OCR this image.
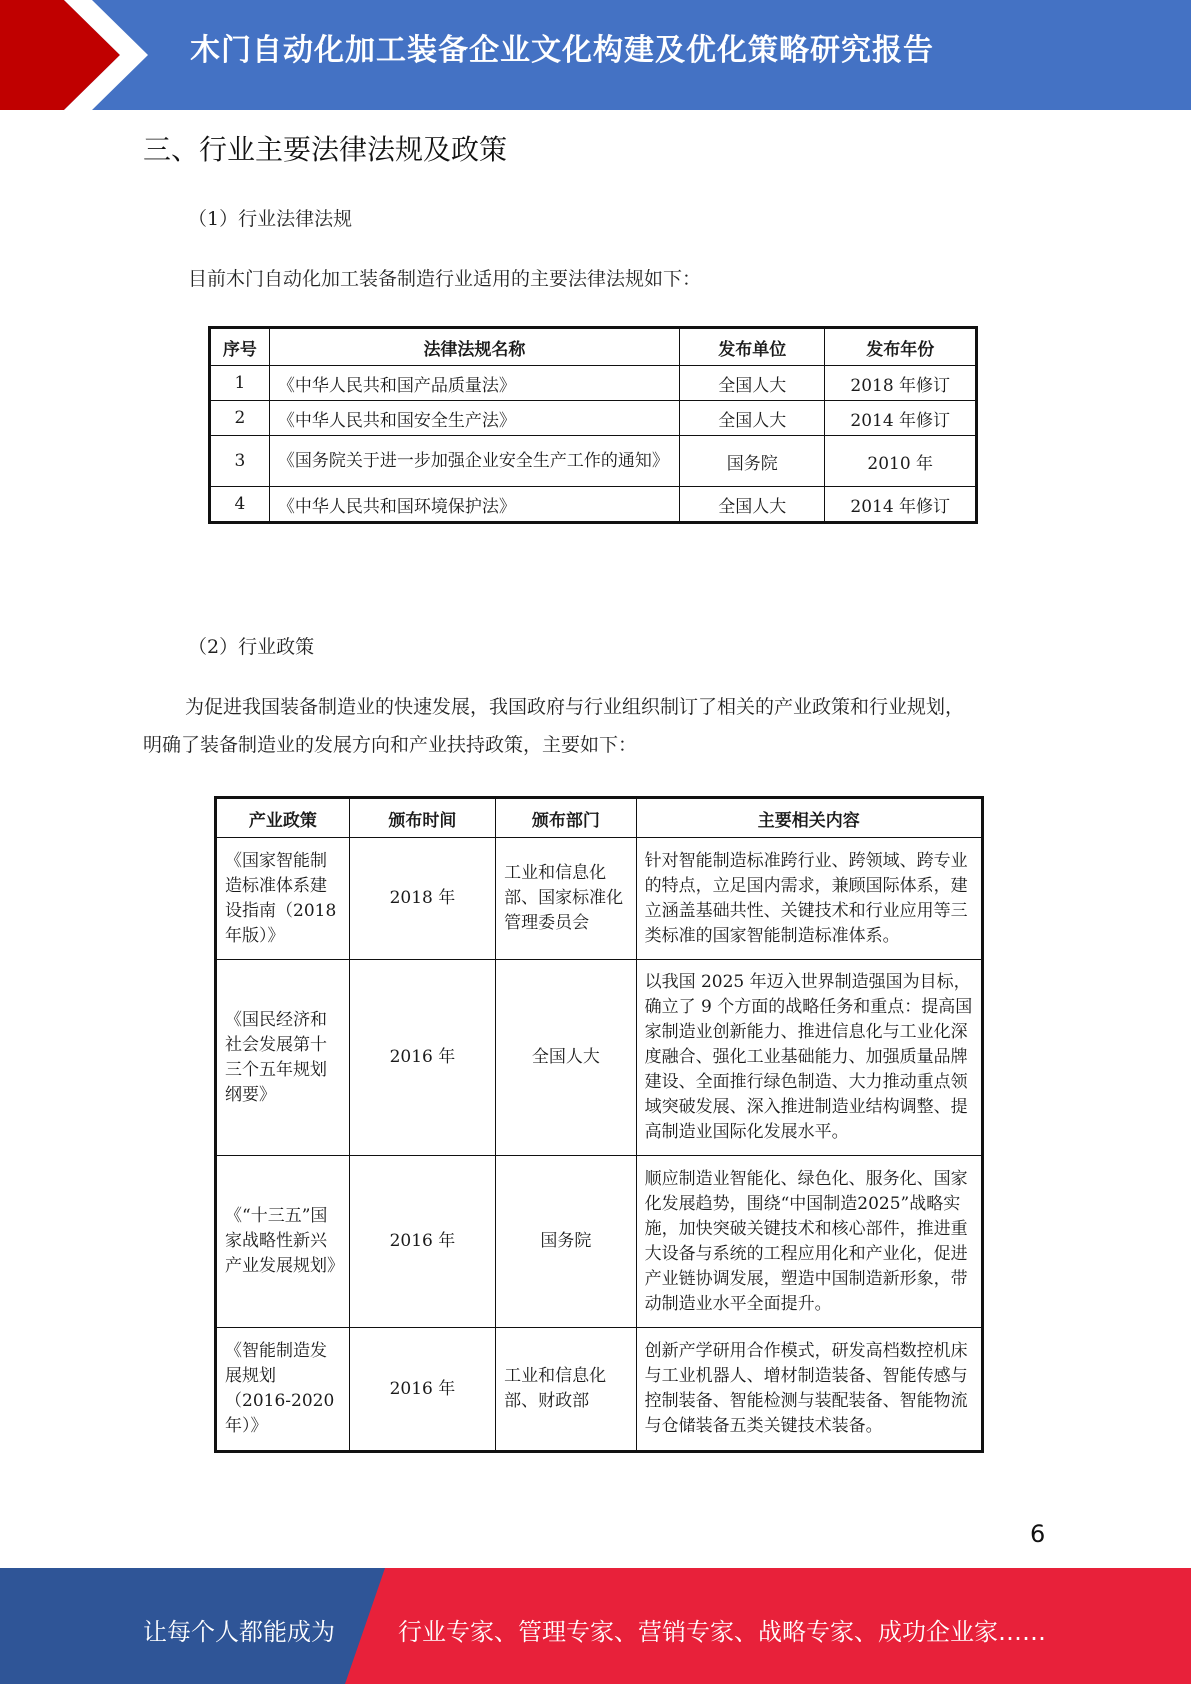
木门自动化加工装备企业文化构建及优化策略研究报告
三、行业主要法律法规及政策
（1）行业法律法规
目前木门自动化加工装备制造行业适用的主要法律法规如下：
序号	法律法规名称	发布单位	发布年份
1	《中华人民共和国产品质量法》	全国人大	2018 年修订
2	《中华人民共和国安全生产法》	全国人大	2014 年修订
3	《国务院关于进一步加强企业安全生产工作的通知》	国务院	2010 年
4	《中华人民共和国环境保护法》	全国人大	2014 年修订
（2）行业政策
为促进我国装备制造业的快速发展，我国政府与行业组织制订了相关的产业政策和行业规划，
明确了装备制造业的发展方向和产业扶持政策，主要如下：
产业政策	颁布时间	颁布部门	主要相关内容
《国家智能制造标准体系建设指南（2018年版）》	2018 年	工业和信息化部、国家标准化管理委员会	针对智能制造标准跨行业、跨领域、跨专业的特点，立足国内需求，兼顾国际体系，建立涵盖基础共性、关键技术和行业应用等三类标准的国家智能制造标准体系。
《国民经济和社会发展第十三个五年规划纲要》	2016 年	全国人大	以我国 2025 年迈入世界制造强国为目标，确立了 9 个方面的战略任务和重点：提高国家制造业创新能力、推进信息化与工业化深度融合、强化工业基础能力、加强质量品牌建设、全面推行绿色制造、大力推动重点领域突破发展、深入推进制造业结构调整、提高制造业国际化发展水平。
《“十三五”国家战略性新兴产业发展规划》	2016 年	国务院	顺应制造业智能化、绿色化、服务化、国家化发展趋势，围绕“中国制造2025”战略实施，加快突破关键技术和核心部件，推进重大设备与系统的工程应用化和产业化，促进产业链协调发展，塑造中国制造新形象，带动制造业水平全面提升。
《智能制造发展规划（2016-2020年）》	2016 年	工业和信息化部、财政部	创新产学研用合作模式，研发高档数控机床与工业机器人、增材制造装备、智能传感与控制装备、智能检测与装配装备、智能物流与仓储装备五类关键技术装备。
6
让每个人都能成为	行业专家、管理专家、营销专家、战略专家、成功企业家……
